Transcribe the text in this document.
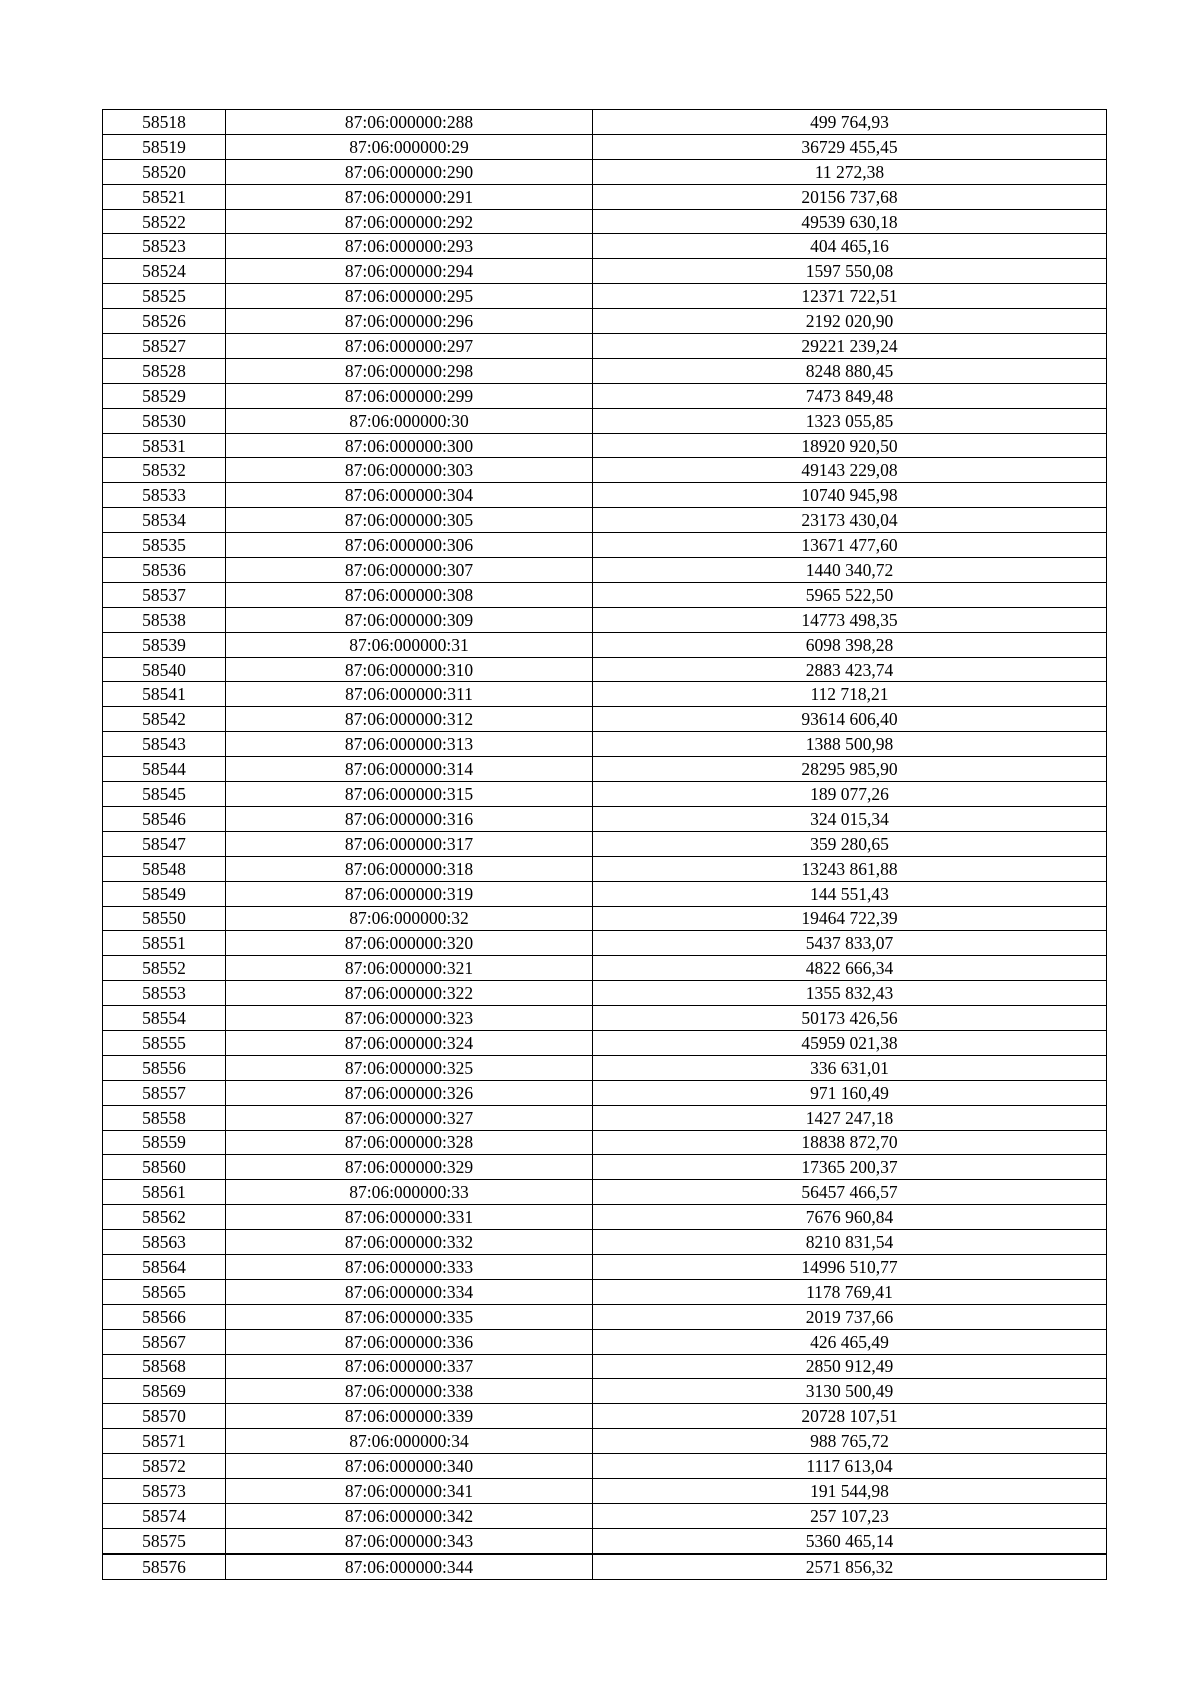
58518	87:06:000000:288	499 764,93
58519	87:06:000000:29	36729 455,45
58520	87:06:000000:290	11 272,38
58521	87:06:000000:291	20156 737,68
58522	87:06:000000:292	49539 630,18
58523	87:06:000000:293	404 465,16
58524	87:06:000000:294	1597 550,08
58525	87:06:000000:295	12371 722,51
58526	87:06:000000:296	2192 020,90
58527	87:06:000000:297	29221 239,24
58528	87:06:000000:298	8248 880,45
58529	87:06:000000:299	7473 849,48
58530	87:06:000000:30	1323 055,85
58531	87:06:000000:300	18920 920,50
58532	87:06:000000:303	49143 229,08
58533	87:06:000000:304	10740 945,98
58534	87:06:000000:305	23173 430,04
58535	87:06:000000:306	13671 477,60
58536	87:06:000000:307	1440 340,72
58537	87:06:000000:308	5965 522,50
58538	87:06:000000:309	14773 498,35
58539	87:06:000000:31	6098 398,28
58540	87:06:000000:310	2883 423,74
58541	87:06:000000:311	112 718,21
58542	87:06:000000:312	93614 606,40
58543	87:06:000000:313	1388 500,98
58544	87:06:000000:314	28295 985,90
58545	87:06:000000:315	189 077,26
58546	87:06:000000:316	324 015,34
58547	87:06:000000:317	359 280,65
58548	87:06:000000:318	13243 861,88
58549	87:06:000000:319	144 551,43
58550	87:06:000000:32	19464 722,39
58551	87:06:000000:320	5437 833,07
58552	87:06:000000:321	4822 666,34
58553	87:06:000000:322	1355 832,43
58554	87:06:000000:323	50173 426,56
58555	87:06:000000:324	45959 021,38
58556	87:06:000000:325	336 631,01
58557	87:06:000000:326	971 160,49
58558	87:06:000000:327	1427 247,18
58559	87:06:000000:328	18838 872,70
58560	87:06:000000:329	17365 200,37
58561	87:06:000000:33	56457 466,57
58562	87:06:000000:331	7676 960,84
58563	87:06:000000:332	8210 831,54
58564	87:06:000000:333	14996 510,77
58565	87:06:000000:334	1178 769,41
58566	87:06:000000:335	2019 737,66
58567	87:06:000000:336	426 465,49
58568	87:06:000000:337	2850 912,49
58569	87:06:000000:338	3130 500,49
58570	87:06:000000:339	20728 107,51
58571	87:06:000000:34	988 765,72
58572	87:06:000000:340	1117 613,04
58573	87:06:000000:341	191 544,98
58574	87:06:000000:342	257 107,23
58575	87:06:000000:343	5360 465,14
58576	87:06:000000:344	2571 856,32
